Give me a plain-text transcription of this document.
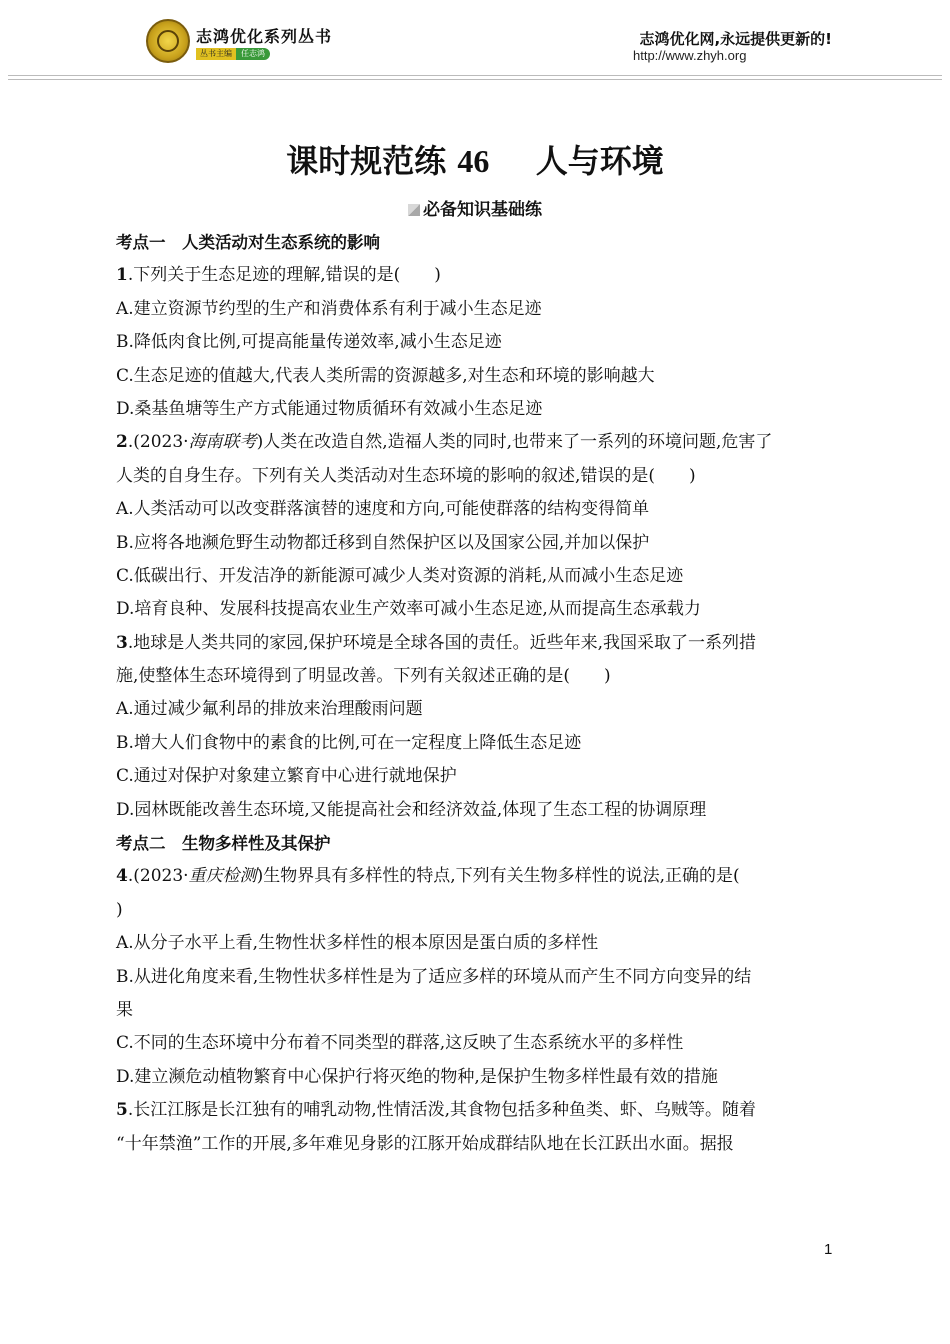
志鸿优化系列丛书
丛书主编 任志鸿
志鸿优化网,永远提供更新的!
http://www.zhyh.org
课时规范练 46 人与环境
必备知识基础练
考点一　人类活动对生态系统的影响
1.下列关于生态足迹的理解,错误的是(　　)
A.建立资源节约型的生产和消费体系有利于减小生态足迹
B.降低肉食比例,可提高能量传递效率,减小生态足迹
C.生态足迹的值越大,代表人类所需的资源越多,对生态和环境的影响越大
D.桑基鱼塘等生产方式能通过物质循环有效减小生态足迹
2.(2023·海南联考)人类在改造自然,造福人类的同时,也带来了一系列的环境问题,危害了
人类的自身生存。下列有关人类活动对生态环境的影响的叙述,错误的是(　　)
A.人类活动可以改变群落演替的速度和方向,可能使群落的结构变得简单
B.应将各地濒危野生动物都迁移到自然保护区以及国家公园,并加以保护
C.低碳出行、开发洁净的新能源可减少人类对资源的消耗,从而减小生态足迹
D.培育良种、发展科技提高农业生产效率可减小生态足迹,从而提高生态承载力
3.地球是人类共同的家园,保护环境是全球各国的责任。近些年来,我国采取了一系列措
施,使整体生态环境得到了明显改善。下列有关叙述正确的是(　　)
A.通过减少氟利昂的排放来治理酸雨问题
B.增大人们食物中的素食的比例,可在一定程度上降低生态足迹
C.通过对保护对象建立繁育中心进行就地保护
D.园林既能改善生态环境,又能提高社会和经济效益,体现了生态工程的协调原理
考点二　生物多样性及其保护
4.(2023·重庆检测)生物界具有多样性的特点,下列有关生物多样性的说法,正确的是(
)
A.从分子水平上看,生物性状多样性的根本原因是蛋白质的多样性
B.从进化角度来看,生物性状多样性是为了适应多样的环境从而产生不同方向变异的结
果
C.不同的生态环境中分布着不同类型的群落,这反映了生态系统水平的多样性
D.建立濒危动植物繁育中心保护行将灭绝的物种,是保护生物多样性最有效的措施
5.长江江豚是长江独有的哺乳动物,性情活泼,其食物包括多种鱼类、虾、乌贼等。随着
“十年禁渔”工作的开展,多年难见身影的江豚开始成群结队地在长江跃出水面。据报
1
